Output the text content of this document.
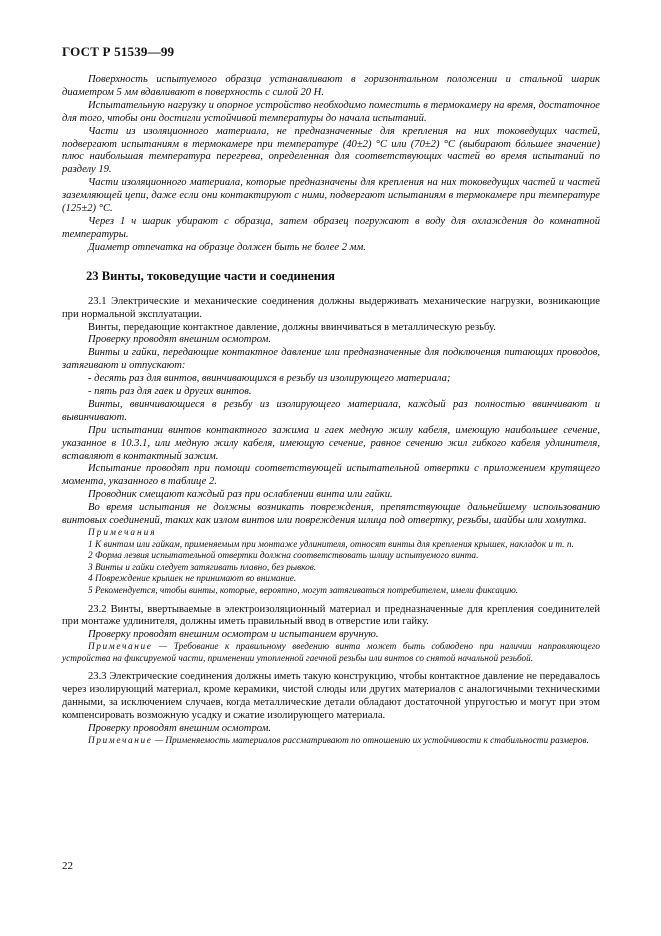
ГОСТ Р 51539—99

Поверхность испытуемого образца устанавливают в горизонтальном положении и стальной шарик диаметром 5 мм вдавливают в поверхность с силой 20 Н.

Испытательную нагрузку и опорное устройство необходимо поместить в термокамеру на время, достаточное для того, чтобы они достигли устойчивой температуры до начала испытаний.

Части из изоляционного материала, не предназначенные для крепления на них токоведущих частей, подвергают испытаниям в термокамере при температуре (40±2) °С или (70±2) °С (выбирают бóльшее значение) плюс наибольшая температура перегрева, определенная для соответствующих частей во время испытаний по разделу 19.

Части изоляционного материала, которые предназначены для крепления на них токоведущих частей и частей заземляющей цепи, даже если они контактируют с ними, подвергают испытаниям в термокамере при температуре (125±2) °С.

Через 1 ч шарик убирают с образца, затем образец погружают в воду для охлаждения до комнатной температуры.

Диаметр отпечатка на образце должен быть не более 2 мм.

23 Винты, токоведущие части и соединения

23.1 Электрические и механические соединения должны выдерживать механические нагрузки, возникающие при нормальной эксплуатации.

Винты, передающие контактное давление, должны ввинчиваться в металлическую резьбу.

Проверку проводят внешним осмотром.

Винты и гайки, передающие контактное давление или предназначенные для подключения питающих проводов, затягивают и отпускают:

- десять раз для винтов, ввинчивающихся в резьбу из изолирующего материала;

- пять раз для гаек и других винтов.

Винты, ввинчивающиеся в резьбу из изолирующего материала, каждый раз полностью ввинчивают и вывинчивают.

При испытании винтов контактного зажима и гаек медную жилу кабеля, имеющую наибольшее сечение, указанное в 10.3.1, или медную жилу кабеля, имеющую сечение, равное сечению жил гибкого кабеля удлинителя, вставляют в контактный зажим.

Испытание проводят при помощи соответствующей испытательной отвертки с приложением крутящего момента, указанного в таблице 2.

Проводник смещают каждый раз при ослаблении винта или гайки.

Во время испытания не должны возникать повреждения, препятствующие дальнейшему использованию винтовых соединений, таких как излом винтов или повреждения шлица под отвертку, резьбы, шайбы или хомутка.

Примечания

1 К винтам или гайкам, применяемым при монтаже удлинителя, относят винты для крепления крышек, накладок и т. п.

2 Форма лезвия испытательной отвертки должна соответствовать шлицу испытуемого винта.

3 Винты и гайки следует затягивать плавно, без рывков.

4 Повреждение крышек не принимают во внимание.

5 Рекомендуется, чтобы винты, которые, вероятно, могут затягиваться потребителем, имели фиксацию.

23.2 Винты, ввертываемые в электроизоляционный материал и предназначенные для крепления соединителей при монтаже удлинителя, должны иметь правильный ввод в отверстие или гайку.

Проверку проводят внешним осмотром и испытанием вручную.

Примечание — Требование к правильному введению винта может быть соблюдено при наличии направляющего устройства на фиксируемой части, применении утопленной гаечной резьбы или винтов со снятой начальной резьбой.

23.3 Электрические соединения должны иметь такую конструкцию, чтобы контактное давление не передавалось через изолирующий материал, кроме керамики, чистой слюды или других материалов с аналогичными техническими данными, за исключением случаев, когда металлические детали обладают достаточной упругостью и могут при этом компенсировать возможную усадку и сжатие изолирующего материала.

Проверку проводят внешним осмотром.

Примечание — Применяемость материалов рассматривают по отношению их устойчивости к стабильности размеров.

22
